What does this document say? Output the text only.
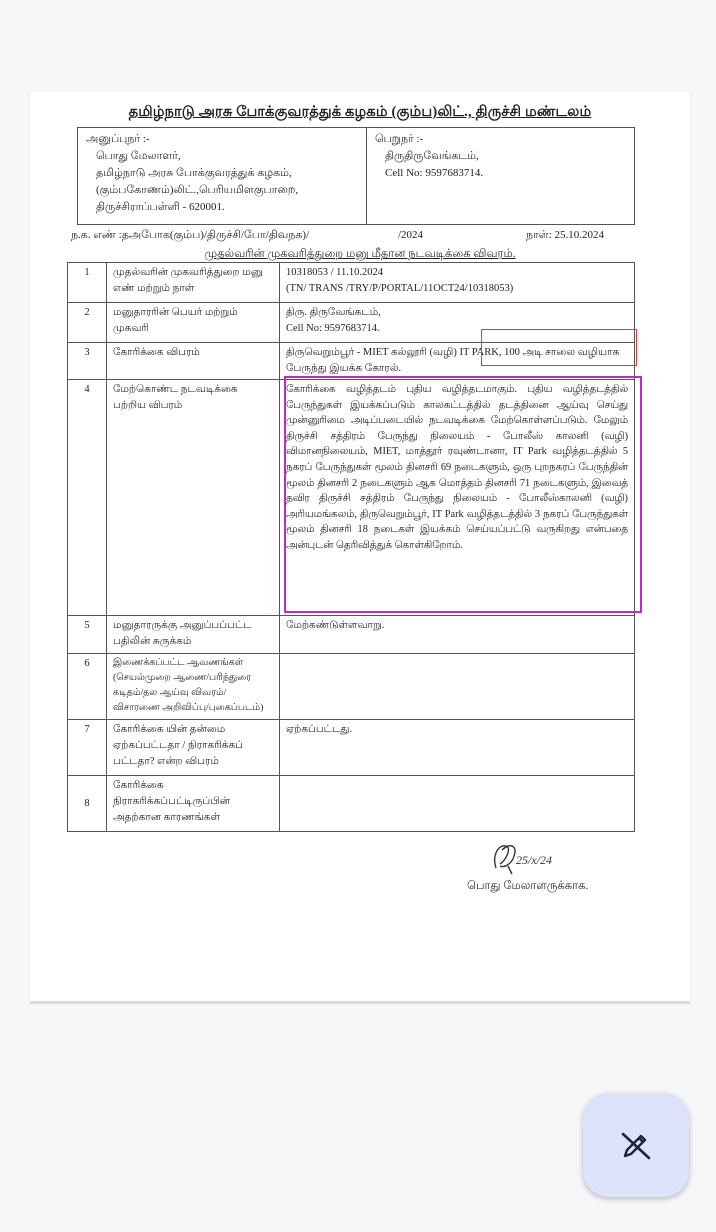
தமிழ்நாடு அரசு போக்குவரத்துக் கழகம் (கும்ப)லிட்., திருச்சி மண்டலம்
அனுப்புநர் :-
பொது மேலாளர்,
தமிழ்நாடு அரசு போக்குவரத்துக் கழகம்,
(கும்பகோணம்)லிட்.,பெரியமிளகுபாறை,
திருச்சிராப்பள்ளி - 620001.
பெறுநர் :-
திருதிருவேங்கடம்,
Cell No: 9597683714.
ந.க. எண் :தஅபோக(கும்ப)/திருச்சி/போ/திவநக)/	/2024	நாள்: 25.10.2024
முதல்வரின் முகவரித்துறை மனு மீதான நடவடிக்கை விவரம்.
1	முதல்வரின் முகவரித்துறை மனு எண் மற்றும் நாள்	10318053 / 11.10.2024
(TN/ TRANS /TRY/P/PORTAL/11OCT24/10318053)

2	மனுதாரரின் பெயர் மற்றும் முகவரி	திரு. திருவேங்கடம்,
Cell No: 9597683714.

3	கோரிக்கை விபரம்	திருவெறும்பூர் - MIET கல்லூரி (வழி) IT PARK, 100 அடி சாலை வழியாக பேருந்து இயக்க கோரல்.
4	மேற்கொண்ட நடவடிக்கை பற்றிய விபரம்	கோரிக்கை வழித்தடம் புதிய வழித்தடமாகும். புதிய வழித்தடத்தில் பேருந்துகள் இயக்கப்படும் காலகட்டத்தில் தடத்தினை ஆய்வு செய்து முன்னுரிமை அடிப்படையில் நடவடிக்கை மேற்கொள்ளப்படும். மேலும் திருச்சி சத்திரம் பேருந்து நிலையம் - போலீஸ் காலனி (வழி) விமானநிலையம், MIET, மாத்தூர் ரவுண்டானா, IT Park வழித்தடத்தில் 5 நகரப் பேருந்துகள் மூலம் தினசரி 69 நடைகளும், ஒரு புறநகரப் பேருந்தின் மூலம் தினசரி 2 நடைகளும் ஆக மொத்தம் தினசரி 71 நடைகளும், இவைத் தவிர திருச்சி சத்திரம் பேருந்து நிலையம் - போலீஸ்காலனி (வழி) அரியமங்கலம், திருவெறும்பூர், IT Park வழித்தடத்தில் 3 நகரப் பேருந்துகள் மூலம் தினசரி 18 நடைகள் இயக்கம் செய்யப்பட்டு வருகிறது என்பதை அன்புடன் தெரிவித்துக் கொள்கிறோம்.
5	மனுதாரருக்கு அனுப்பப்பட்ட பதிலின் சுருக்கம்	மேற்கண்டுள்ளவாறு.
6	இணைக்கப்பட்ட ஆவணங்கள் (செயல்முறை ஆணை/பரிந்துரை கடிதம்/தல ஆய்வு விவரம்/ விசாரணை அறிவிப்பு/புகைப்படம்)	
7	கோரிக்கை யின் தன்மை ஏற்கப்பட்டதா / நிராகரிக்கப் பட்டதா? என்ற விபரம்	ஏற்கப்பட்டது.
8	கோரிக்கை நிராகரிக்கப்பட்டிருப்பின் அதற்கான காரணங்கள்	
25/x/24
பொது மேலாளருக்காக.
